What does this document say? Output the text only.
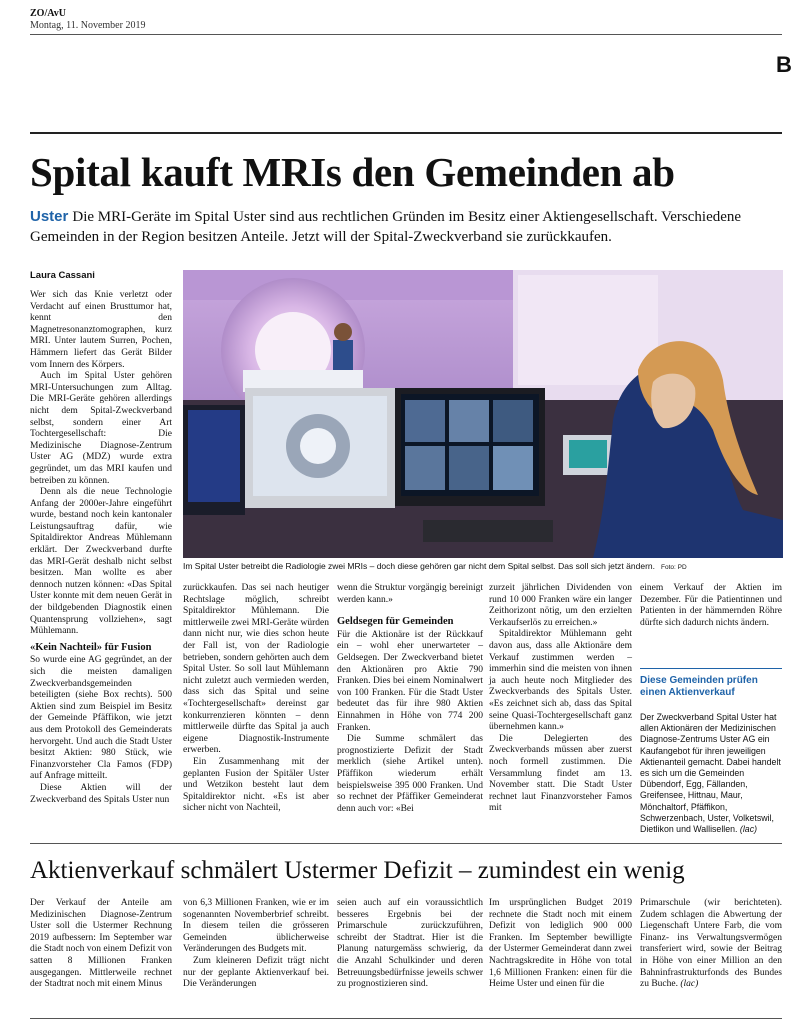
ZO/AvU
Montag, 11. November 2019
B
Spital kauft MRIs den Gemeinden ab
Uster Die MRI-Geräte im Spital Uster sind aus rechtlichen Gründen im Besitz einer Aktiengesellschaft. Verschiedene Gemeinden in der Region besitzen Anteile. Jetzt will der Spital-Zweckverband sie zurückkaufen.
Laura Cassani

Wer sich das Knie verletzt oder Verdacht auf einen Brusttumor hat, kennt den Magnetresonanztomographen, kurz MRI. Unter lautem Surren, Pochen, Hämmern liefert das Gerät Bilder vom Innern des Körpers.

Auch im Spital Uster gehören MRI-Untersuchungen zum Alltag. Die MRI-Geräte gehören allerdings nicht dem Spital-Zweckverband selbst, sondern einer Art Tochtergesellschaft: Die Medizinische Diagnose-Zentrum Uster AG (MDZ) wurde extra gegründet, um das MRI kaufen und betreiben zu können.

Denn als die neue Technologie Anfang der 2000er-Jahre eingeführt wurde, bestand noch kein kantonaler Leistungsauftrag dafür, wie Spitaldirektor Andreas Mühlemann erklärt. Der Zweckverband durfte das MRI-Gerät deshalb nicht selbst besitzen. Man wollte es aber dennoch nutzen können: «Das Spital Uster konnte mit dem neuen Gerät in der bildgebenden Diagnostik einen Quantensprung vollziehen», sagt Mühlemann.

«Kein Nachteil» für Fusion

So wurde eine AG gegründet, an der sich die meisten damaligen Zweckverbandsgemeinden beteiligten (siehe Box rechts). 500 Aktien sind zum Beispiel im Besitz der Gemeinde Pfäffikon, wie jetzt aus dem Protokoll des Gemeinderats hervorgeht. Und auch die Stadt Uster besitzt Aktien: 980 Stück, wie Finanzvorsteher Cla Famos (FDP) auf Anfrage mitteilt.

Diese Aktien will der Zweckverband des Spitals Uster nun

Im Spital Uster betreibt die Radiologie zwei MRIs – doch diese gehören gar nicht dem Spital selbst. Das soll sich jetzt ändern. Foto: PD

zurückkaufen. Das sei nach heutiger Rechtslage möglich, schreibt Spitaldirektor Mühlemann. Die mittlerweile zwei MRI-Geräte würden dann nicht nur, wie dies schon heute der Fall ist, von der Radiologie betrieben, sondern gehörten auch dem Spital Uster. So soll laut Mühlemann nicht zuletzt auch vermieden werden, dass sich das Spital und seine «Tochtergesellschaft» dereinst gar konkurrenzieren könnten – denn mittlerweile dürfte das Spital ja auch eigene Diagnostik-Instrumente erwerben.

Ein Zusammenhang mit der geplanten Fusion der Spitäler Uster und Wetzikon besteht laut dem Spitaldirektor nicht. «Es ist aber sicher nicht von Nachteil,

wenn die Struktur vorgängig bereinigt werden kann.»

Geldsegen für Gemeinden

Für die Aktionäre ist der Rückkauf ein – wohl eher unerwarteter – Geldsegen. Der Zweckverband bietet den Aktionären pro Aktie 790 Franken. Dies bei einem Nominalwert von 100 Franken. Für die Stadt Uster bedeutet das für ihre 980 Aktien Einnahmen in Höhe von 774 200 Franken.

Die Summe schmälert das prognostizierte Defizit der Stadt merklich (siehe Artikel unten). Pfäffikon wiederum erhält beispielsweise 395 000 Franken. Und so rechnet der Pfäffiker Gemeinderat denn auch vor: «Bei

zurzeit jährlichen Dividenden von rund 10 000 Franken wäre ein langer Zeithorizont nötig, um den erzielten Verkaufserlös zu erreichen.»

Spitaldirektor Mühlemann geht davon aus, dass alle Aktionäre dem Verkauf zustimmen werden – immerhin sind die meisten von ihnen ja auch heute noch Mitglieder des Zweckverbands des Spitals Uster. «Es zeichnet sich ab, dass das Spital seine Quasi-Tochtergesellschaft ganz übernehmen kann.»

Die Delegierten des Zweckverbands müssen aber zuerst noch formell zustimmen. Die Versammlung findet am 13. November statt. Die Stadt Uster rechnet laut Finanzvorsteher Famos mit

einem Verkauf der Aktien im Dezember. Für die Patientinnen und Patienten in der hämmernden Röhre dürfte sich dadurch nichts ändern.

Diese Gemeinden prüfen einen Aktienverkauf
Der Zweckverband Spital Uster hat allen Aktionären der Medizinischen Diagnose-Zentrums Uster AG ein Kaufangebot für ihren jeweiligen Aktienanteil gemacht. Dabei handelt es sich um die Gemeinden Dübendorf, Egg, Fällanden, Greifensee, Hittnau, Maur, Mönchaltorf, Pfäffikon, Schwerzenbach, Uster, Volketswil, Dietlikon und Wallisellen. (lac)
Aktienverkauf schmälert Ustermer Defizit – zumindest ein wenig

Der Verkauf der Anteile am Medizinischen Diagnose-Zentrum Uster soll die Ustermer Rechnung 2019 aufbessern: Im September war die Stadt noch von einem Defizit von satten 8 Millionen Franken ausgegangen. Mittlerweile rechnet der Stadtrat noch mit einem Minus

von 6,3 Millionen Franken, wie er im sogenannten Novemberbrief schreibt. In diesem teilen die grösseren Gemeinden üblicherweise Veränderungen des Budgets mit.

Zum kleineren Defizit trägt nicht nur der geplante Aktienverkauf bei. Die Veränderungen

seien auch auf ein voraussichtlich besseres Ergebnis bei der Primarschule zurückzuführen, schreibt der Stadtrat. Hier ist die Planung naturgemäss schwierig, da die Anzahl Schulkinder und deren Betreuungsbedürfnisse jeweils schwer zu prognostizieren sind.

Im ursprünglichen Budget 2019 rechnete die Stadt noch mit einem Defizit von lediglich 900 000 Franken. Im September bewilligte der Ustermer Gemeinderat dann zwei Nachtragskredite in Höhe von total 1,6 Millionen Franken: einen für die Heime Uster und einen für die

Primarschule (wir berichteten). Zudem schlagen die Abwertung der Liegenschaft Untere Farb, die vom Finanz- ins Verwaltungsvermögen transferiert wird, sowie der Beitrag in Höhe von einer Million an den Bahninfrastrukturfonds des Bundes zu Buche. (lac)
